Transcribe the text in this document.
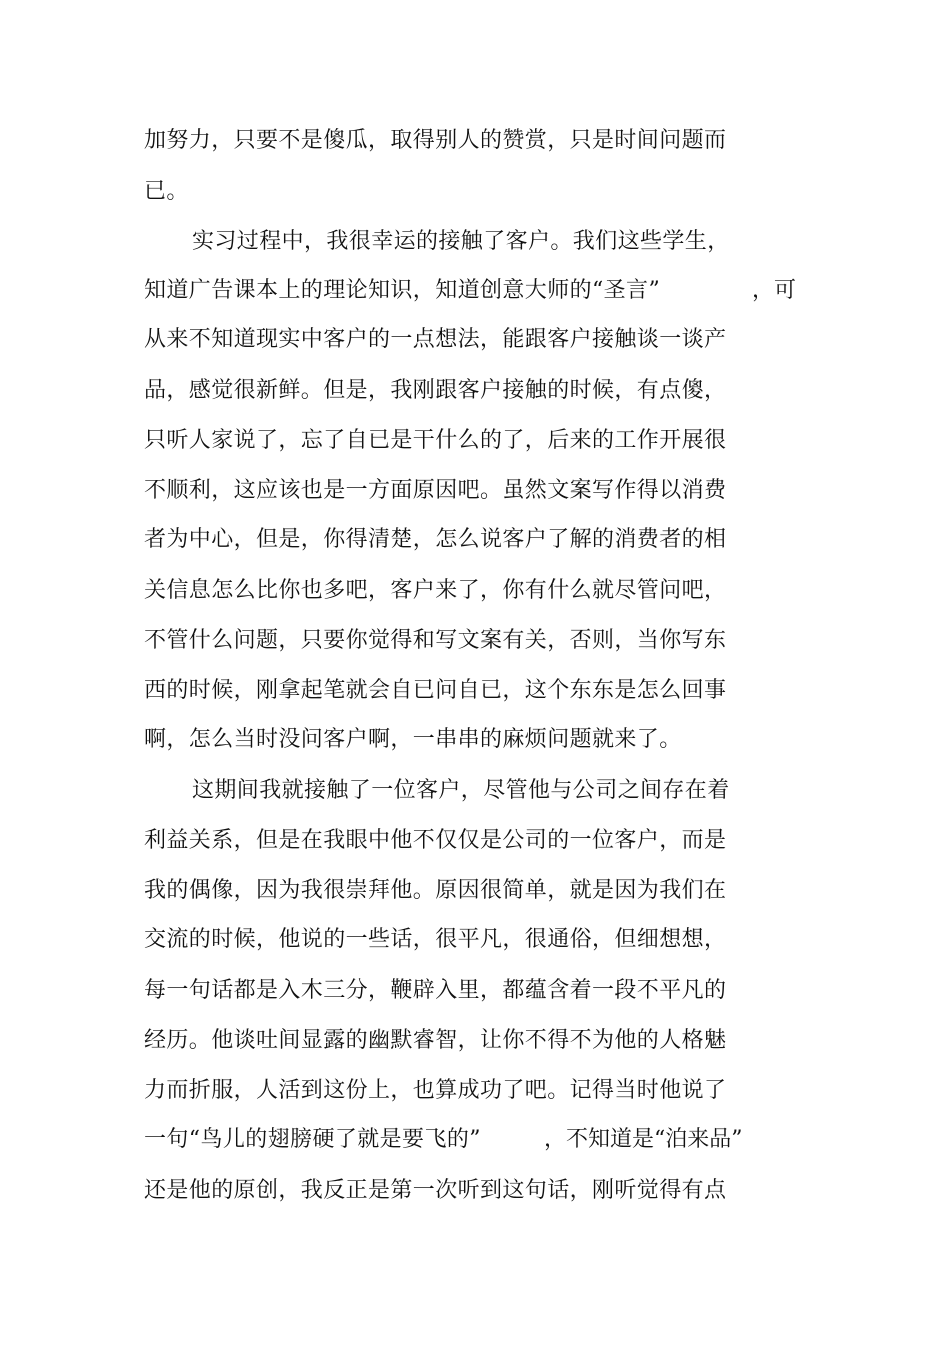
加努力，只要不是傻瓜，取得别人的赞赏，只是时间问题而
已。
实习过程中，我很幸运的接触了客户。我们这些学生，
知道广告课本上的理论知识，知道创意大师的“圣言”	，可
从来不知道现实中客户的一点想法，能跟客户接触谈一谈产
品，感觉很新鲜。但是，我刚跟客户接触的时候，有点傻，
只听人家说了，忘了自已是干什么的了，后来的工作开展很
不顺利，这应该也是一方面原因吧。虽然文案写作得以消费
者为中心，但是，你得清楚，怎么说客户了解的消费者的相
关信息怎么比你也多吧，客户来了，你有什么就尽管问吧，
不管什么问题，只要你觉得和写文案有关，否则，当你写东
西的时候，刚拿起笔就会自已问自已，这个东东是怎么回事
啊，怎么当时没问客户啊，一串串的麻烦问题就来了。
这期间我就接触了一位客户，尽管他与公司之间存在着
利益关系，但是在我眼中他不仅仅是公司的一位客户，而是
我的偶像，因为我很崇拜他。原因很简单，就是因为我们在
交流的时候，他说的一些话，很平凡，很通俗，但细想想，
每一句话都是入木三分，鞭辟入里，都蕴含着一段不平凡的
经历。他谈吐间显露的幽默睿智，让你不得不为他的人格魅
力而折服，人活到这份上，也算成功了吧。记得当时他说了
一句“鸟儿的翅膀硬了就是要飞的”	，不知道是“泊来品”
还是他的原创，我反正是第一次听到这句话，刚听觉得有点
